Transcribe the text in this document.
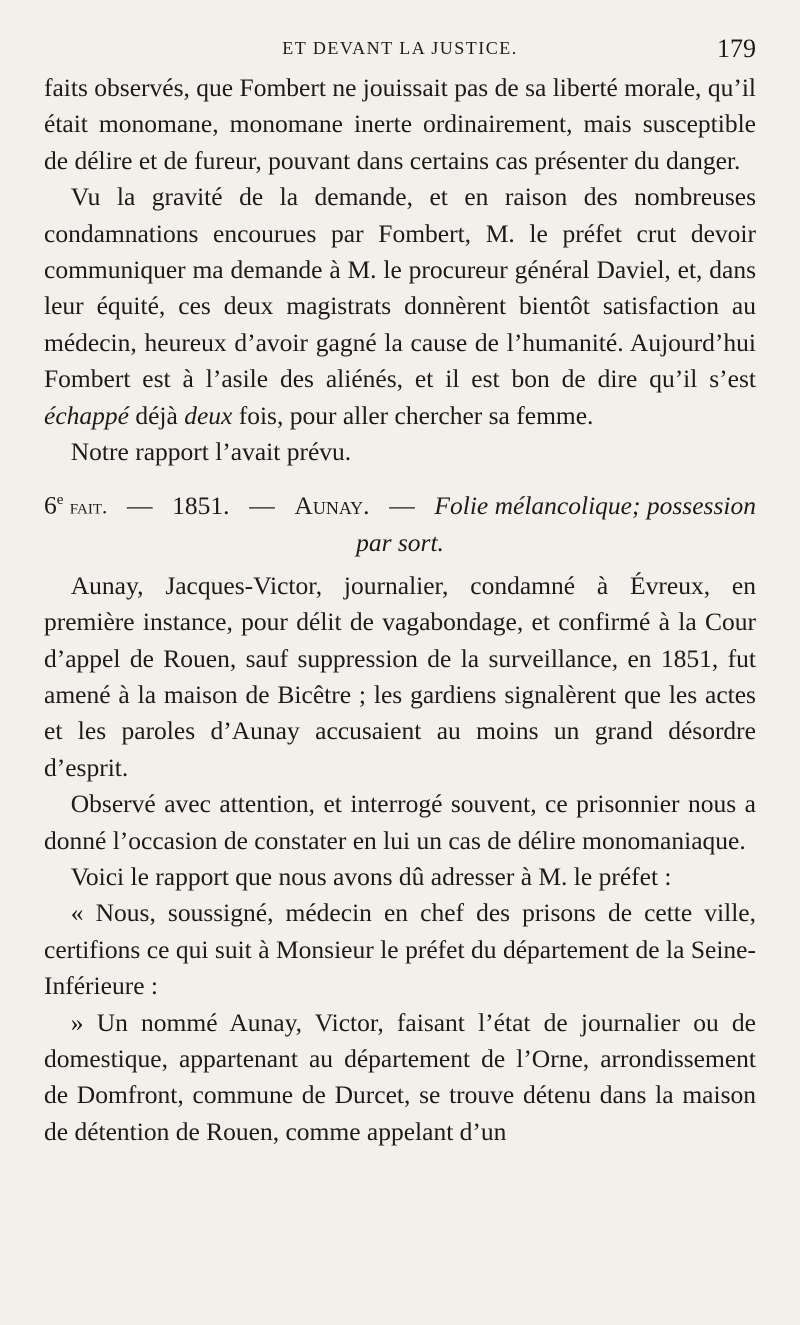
ET DEVANT LA JUSTICE.	179

faits observés, que Fombert ne jouissait pas de sa liberté morale, qu’il était monomane, monomane inerte ordinairement, mais susceptible de délire et de fureur, pouvant dans certains cas présenter du danger.

Vu la gravité de la demande, et en raison des nombreuses condamnations encourues par Fombert, M. le préfet crut devoir communiquer ma demande à M. le procureur général Daviel, et, dans leur équité, ces deux magistrats donnèrent bientôt satisfaction au médecin, heureux d’avoir gagné la cause de l’humanité. Aujourd’hui Fombert est à l’asile des aliénés, et il est bon de dire qu’il s’est échappé déjà deux fois, pour aller chercher sa femme.

Notre rapport l’avait prévu.

6e fait. — 1851. — Aunay. — Folie mélancolique; possession
par sort.

Aunay, Jacques-Victor, journalier, condamné à Évreux, en première instance, pour délit de vagabondage, et confirmé à la Cour d’appel de Rouen, sauf suppression de la surveillance, en 1851, fut amené à la maison de Bicêtre ; les gardiens signalèrent que les actes et les paroles d’Aunay accusaient au moins un grand désordre d’esprit.

Observé avec attention, et interrogé souvent, ce prisonnier nous a donné l’occasion de constater en lui un cas de délire monomaniaque.

Voici le rapport que nous avons dû adresser à M. le préfet :

« Nous, soussigné, médecin en chef des prisons de cette ville, certifions ce qui suit à Monsieur le préfet du département de la Seine-Inférieure :

» Un nommé Aunay, Victor, faisant l’état de journalier ou de domestique, appartenant au département de l’Orne, arrondissement de Domfront, commune de Durcet, se trouve détenu dans la maison de détention de Rouen, comme appelant d’un
